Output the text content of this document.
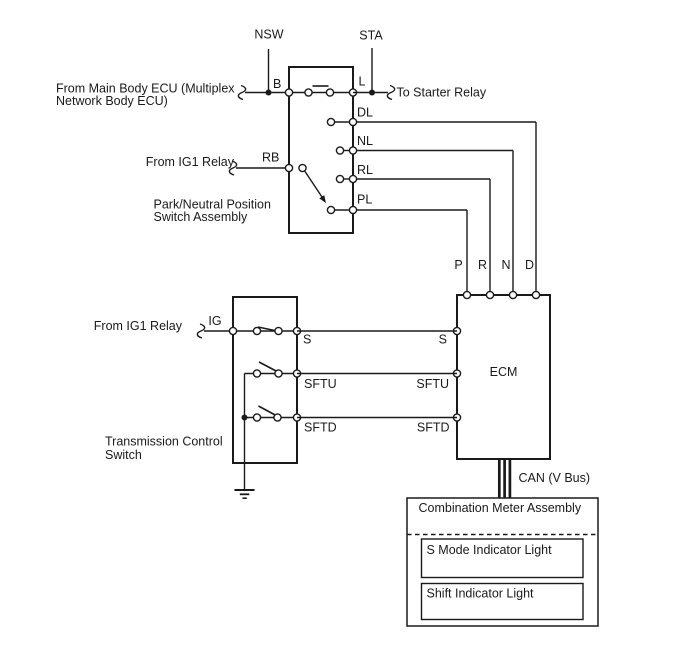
NSW	STA
B	L
To Starter Relay
From Main Body ECU (Multiplex
Network Body ECU)
DL
NL
RL
PL
RB
From IG1 Relay
Park/Neutral Position
Switch Assembly
ECM
P R N D
From IG1 Relay IG
S	S
SFTU	SFTU
SFTD	SFTD
Transmission Control
Switch
CAN (V Bus)
Combination Meter Assembly
S Mode Indicator Light
Shift Indicator Light
